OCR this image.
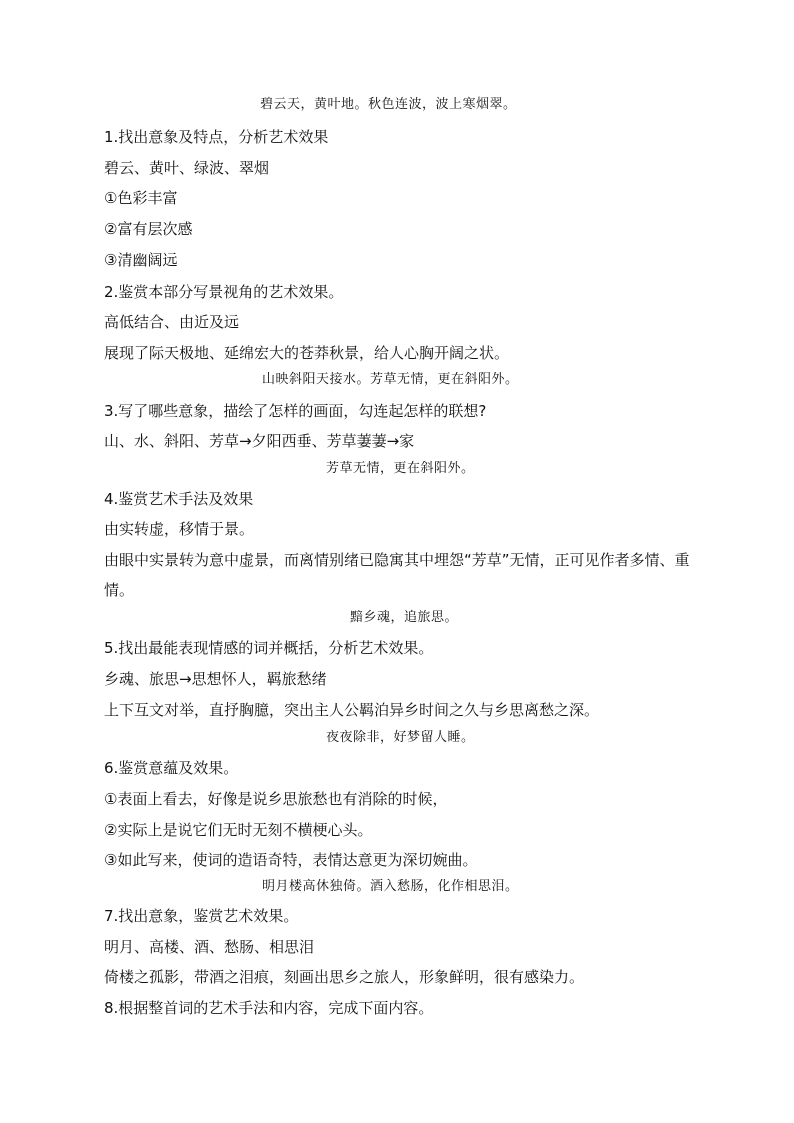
碧云天，黄叶地。秋色连波，波上寒烟翠。
1.找出意象及特点，分析艺术效果
碧云、黄叶、绿波、翠烟
①色彩丰富
②富有层次感
③清幽阔远
2.鉴赏本部分写景视角的艺术效果。
高低结合、由近及远
展现了际天极地、延绵宏大的苍莽秋景，给人心胸开阔之状。
山映斜阳天接水。芳草无情，更在斜阳外。
3.写了哪些意象，描绘了怎样的画面，勾连起怎样的联想?
山、水、斜阳、芳草→夕阳西垂、芳草萋萋→家
芳草无情，更在斜阳外。
4.鉴赏艺术手法及效果
由实转虚，移情于景。
由眼中实景转为意中虚景，而离情别绪已隐寓其中埋怨“芳草”无情，正可见作者多情、重情。
黯乡魂，追旅思。
5.找出最能表现情感的词并概括，分析艺术效果。
乡魂、旅思→思想怀人，羁旅愁绪
上下互文对举，直抒胸臆，突出主人公羁泊异乡时间之久与乡思离愁之深。
夜夜除非，好梦留人睡。
6.鉴赏意蕴及效果。
①表面上看去，好像是说乡思旅愁也有消除的时候，
②实际上是说它们无时无刻不横梗心头。
③如此写来，使词的造语奇特，表情达意更为深切婉曲。
明月楼高休独倚。酒入愁肠，化作相思泪。
7.找出意象，鉴赏艺术效果。
明月、高楼、酒、愁肠、相思泪
倚楼之孤影，带酒之泪痕，刻画出思乡之旅人，形象鲜明，很有感染力。
8.根据整首词的艺术手法和内容，完成下面内容。
